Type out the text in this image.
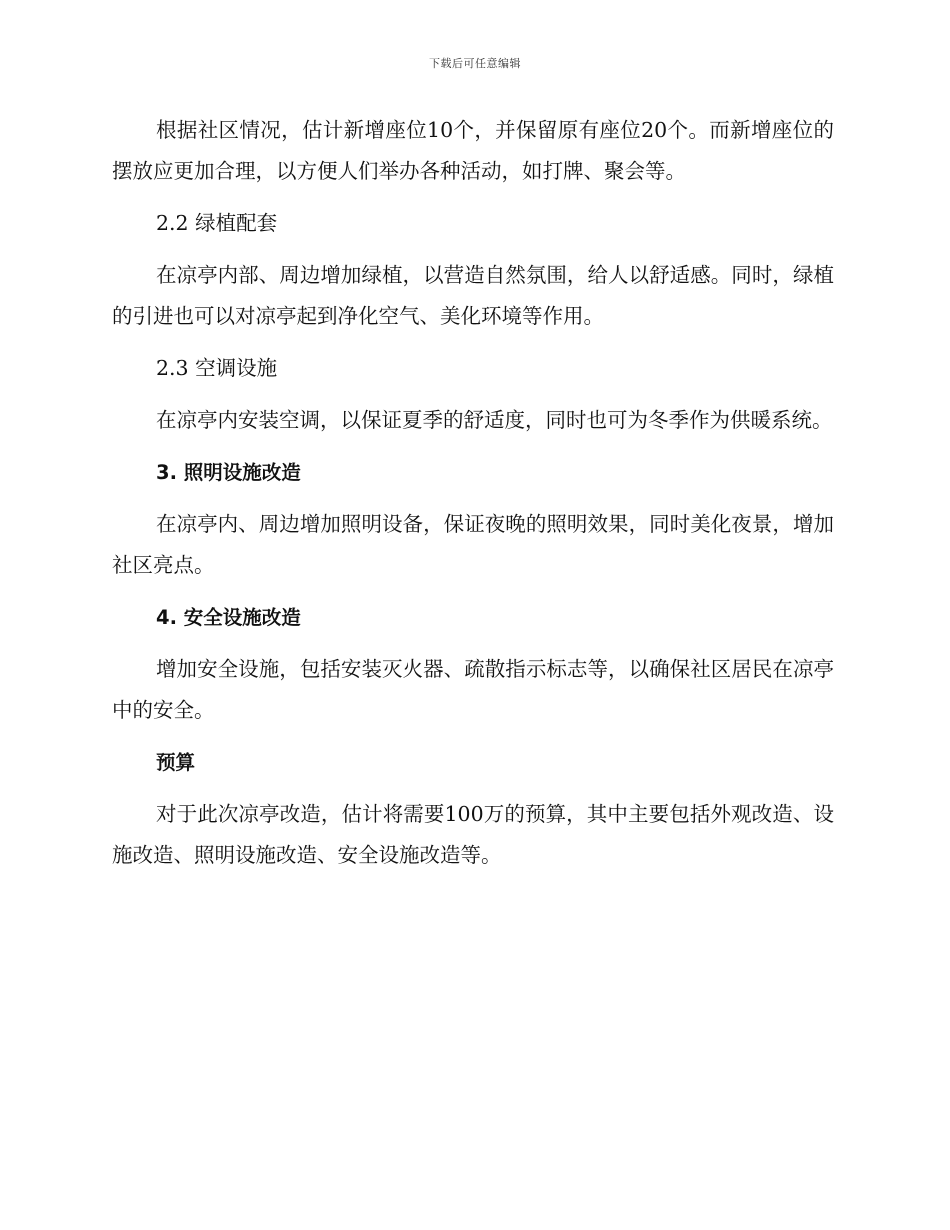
下载后可任意编辑

根据社区情况，估计新增座位10个，并保留原有座位20个。而新增座位的摆放应更加合理，以方便人们举办各种活动，如打牌、聚会等。

2.2 绿植配套

在凉亭内部、周边增加绿植，以营造自然氛围，给人以舒适感。同时，绿植的引进也可以对凉亭起到净化空气、美化环境等作用。

2.3 空调设施

在凉亭内安装空调，以保证夏季的舒适度，同时也可为冬季作为供暖系统。

3. 照明设施改造

在凉亭内、周边增加照明设备，保证夜晚的照明效果，同时美化夜景，增加社区亮点。

4. 安全设施改造

增加安全设施，包括安装灭火器、疏散指示标志等，以确保社区居民在凉亭中的安全。

预算

对于此次凉亭改造，估计将需要100万的预算，其中主要包括外观改造、设施改造、照明设施改造、安全设施改造等。
